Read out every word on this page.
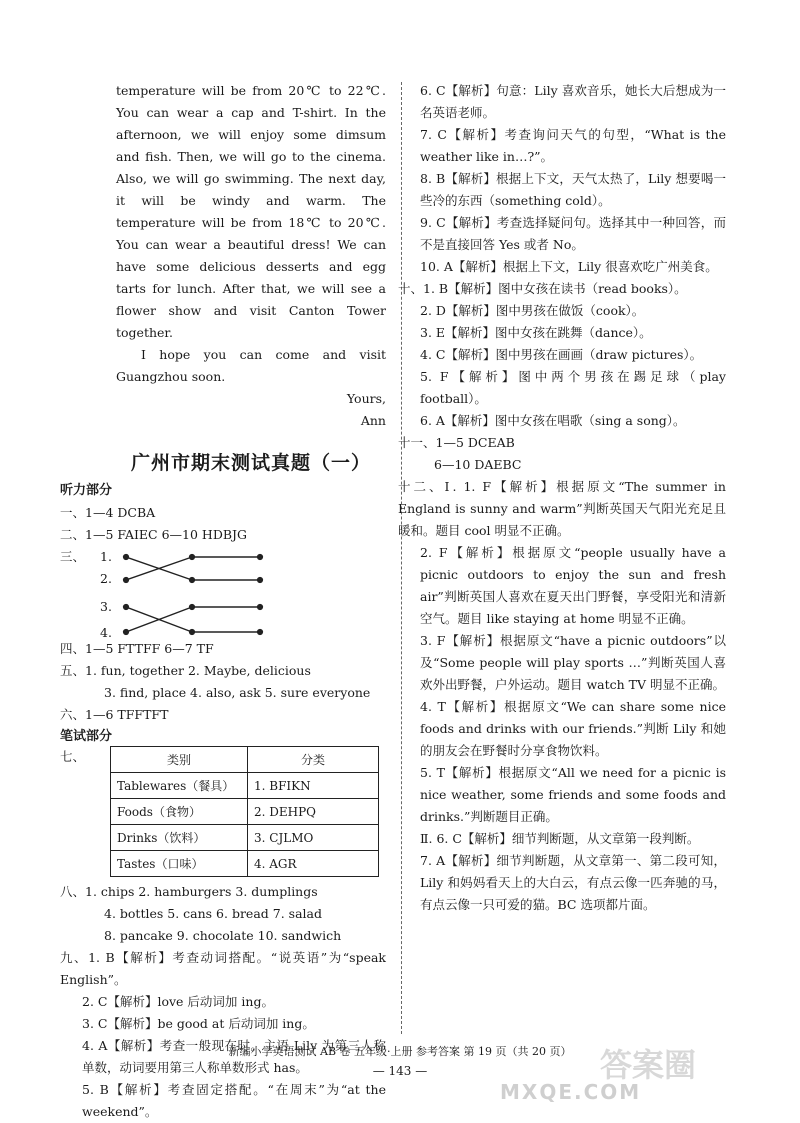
temperature will be from 20℃ to 22℃. You can wear a cap and T-shirt. In the afternoon, we will enjoy some dimsum and fish. Then, we will go to the cinema. Also, we will go swimming. The next day, it will be windy and warm. The temperature will be from 18℃ to 20℃. You can wear a beautiful dress! We can have some delicious desserts and egg tarts for lunch. After that, we will see a flower show and visit Canton Tower together.

I hope you can come and visit Guangzhou soon.

Yours,

Ann

广州市期末测试真题（一）
听力部分

一、1—4 DCBA

二、1—5 FAIEC 6—10 HDBJG

三、 1.
2.
3.
4.

四、1—5 FTTFF 6—7 TF

五、1. fun, together 2. Maybe, delicious

3. find, place 4. also, ask 5. sure everyone

六、1—6 TFFTFT

笔试部分
七、	类别	分类
Tablewares（餐具）	1. BFIKN
Foods（食物）	2. DEHPQ
Drinks（饮料）	3. CJLMO
Tastes（口味）	4. AGR

八、1. chips 2. hamburgers 3. dumplings

4. bottles 5. cans 6. bread 7. salad

8. pancake 9. chocolate 10. sandwich

九、1. B【解析】考查动词搭配。“说英语”为“speak English”。

2. C【解析】love 后动词加 ing。

3. C【解析】be good at 后动词加 ing。

4. A【解析】考查一般现在时。主语 Lily 为第三人称单数，动词要用第三人称单数形式 has。

5. B【解析】考查固定搭配。“在周末”为“at the weekend”。

6. C【解析】句意：Lily 喜欢音乐，她长大后想成为一名英语老师。

7. C【解析】考查询问天气的句型，“What is the weather like in…?”。

8. B【解析】根据上下文，天气太热了，Lily 想要喝一些冷的东西（something cold）。

9. C【解析】考查选择疑问句。选择其中一种回答，而不是直接回答 Yes 或者 No。

10. A【解析】根据上下文，Lily 很喜欢吃广州美食。

十、1. B【解析】图中女孩在读书（read books）。

2. D【解析】图中男孩在做饭（cook）。

3. E【解析】图中女孩在跳舞（dance）。

4. C【解析】图中男孩在画画（draw pictures）。

5. F【解析】图中两个男孩在踢足球（play football）。

6. A【解析】图中女孩在唱歌（sing a song）。

十一、1—5 DCEAB

6—10 DAEBC

十二、Ⅰ. 1. F【解析】根据原文“The summer in England is sunny and warm”判断英国天气阳光充足且暖和。题目 cool 明显不正确。

2. F【解析】根据原文“people usually have a picnic outdoors to enjoy the sun and fresh air”判断英国人喜欢在夏天出门野餐，享受阳光和清新空气。题目 like staying at home 明显不正确。

3. F【解析】根据原文“have a picnic outdoors”以及“Some people will play sports …”判断英国人喜欢外出野餐，户外运动。题目 watch TV 明显不正确。

4. T【解析】根据原文“We can share some nice foods and drinks with our friends.”判断 Lily 和她的朋友会在野餐时分享食物饮料。

5. T【解析】根据原文“All we need for a picnic is nice weather, some friends and some foods and drinks.”判断题目正确。

Ⅱ. 6. C【解析】细节判断题，从文章第一段判断。

7. A【解析】细节判断题，从文章第一、第二段可知，Lily 和妈妈看天上的大白云，有点云像一匹奔驰的马，有点云像一只可爱的猫。BC 选项都片面。

新编小学英语测试 AB 卷 五年级·上册 参考答案 第 19 页（共 20 页）
— 143 —	答案圈
MXQE.COM
